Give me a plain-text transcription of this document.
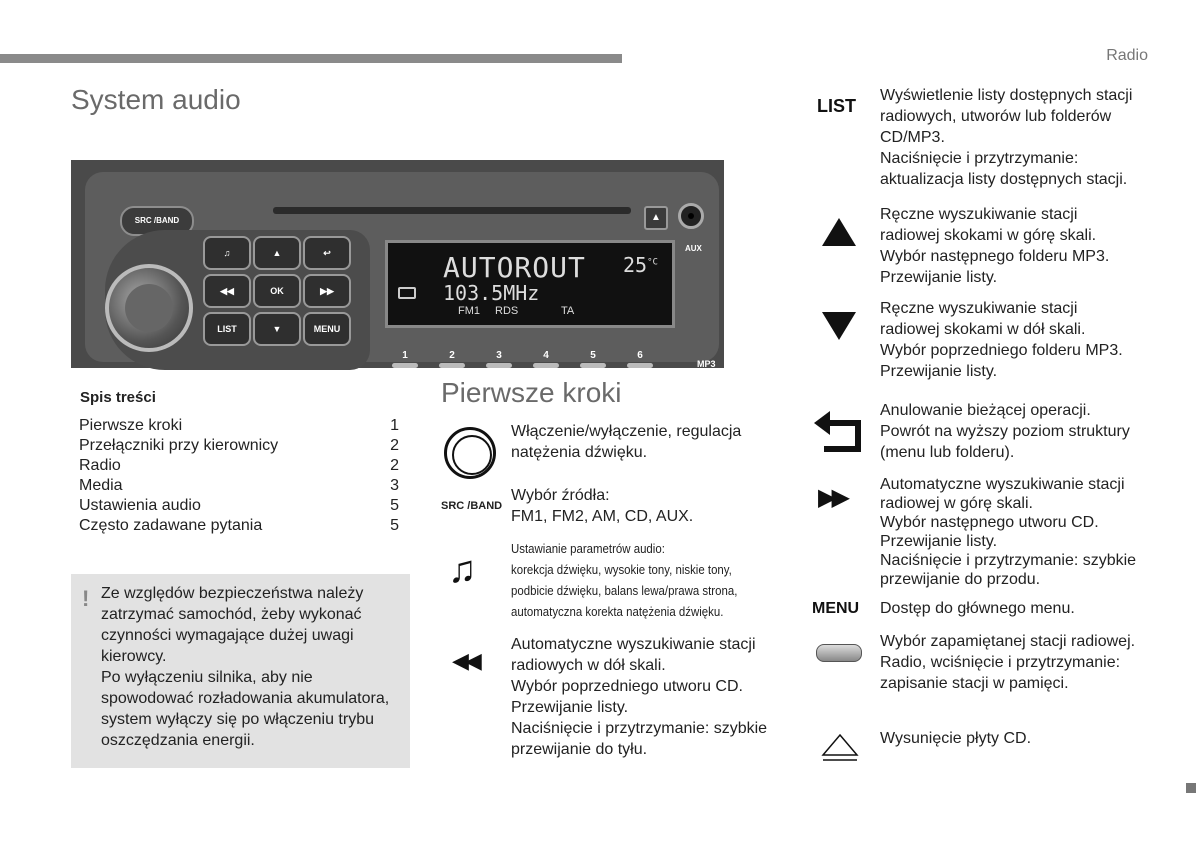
Radio
System audio
SRC /BAND	▲
AUX
♫	▲	↩
◀◀	OK	▶▶
LIST	▼	MENU
AUTOROUT $25^{^\circ C}$
103.5MHz
FM1 RDS	TA
1	2	3	4	5	6
MP3
Spis treści
Pierwsze kroki	1
Przełączniki przy kierownicy	2
Radio	2
Media	3
Ustawienia audio	5
Często zadawane pytania	5
! Ze względów bezpieczeństwa należy
zatrzymać samochód, żeby wykonać
czynności wymagające dużej uwagi
kierowcy.
Po wyłączeniu silnika, aby nie
spowodować rozładowania akumulatora,
system wyłączy się po włączeniu trybu
oszczędzania energii.
Pierwsze kroki
Włączenie/wyłączenie, regulacja
natężenia dźwięku.
SRC /BAND
Wybór źródła:
FM1, FM2, AM, CD, AUX.
♫
Ustawianie parametrów audio:
korekcja dźwięku, wysokie tony, niskie tony,
podbicie dźwięku, balans lewa/prawa strona,
automatyczna korekta natężenia dźwięku.
◀◀
Automatyczne wyszukiwanie stacji
radiowych w dół skali.
Wybór poprzedniego utworu CD.
Przewijanie listy.
Naciśnięcie i przytrzymanie: szybkie
przewijanie do tyłu.
LIST
Wyświetlenie listy dostępnych stacji
radiowych, utworów lub folderów
CD/MP3.
Naciśnięcie i przytrzymanie:
aktualizacja listy dostępnych stacji.
Ręczne wyszukiwanie stacji
radiowej skokami w górę skali.
Wybór następnego folderu MP3.
Przewijanie listy.
Ręczne wyszukiwanie stacji
radiowej skokami w dół skali.
Wybór poprzedniego folderu MP3.
Przewijanie listy.
Anulowanie bieżącej operacji.
Powrót na wyższy poziom struktury
(menu lub folderu).
▶▶ Automatyczne wyszukiwanie stacji
radiowej w górę skali.
Wybór następnego utworu CD.
Przewijanie listy.
Naciśnięcie i przytrzymanie: szybkie
przewijanie do przodu.
MENU Dostęp do głównego menu.
Wybór zapamiętanej stacji radiowej.
Radio, wciśnięcie i przytrzymanie:
zapisanie stacji w pamięci.
Wysunięcie płyty CD.
